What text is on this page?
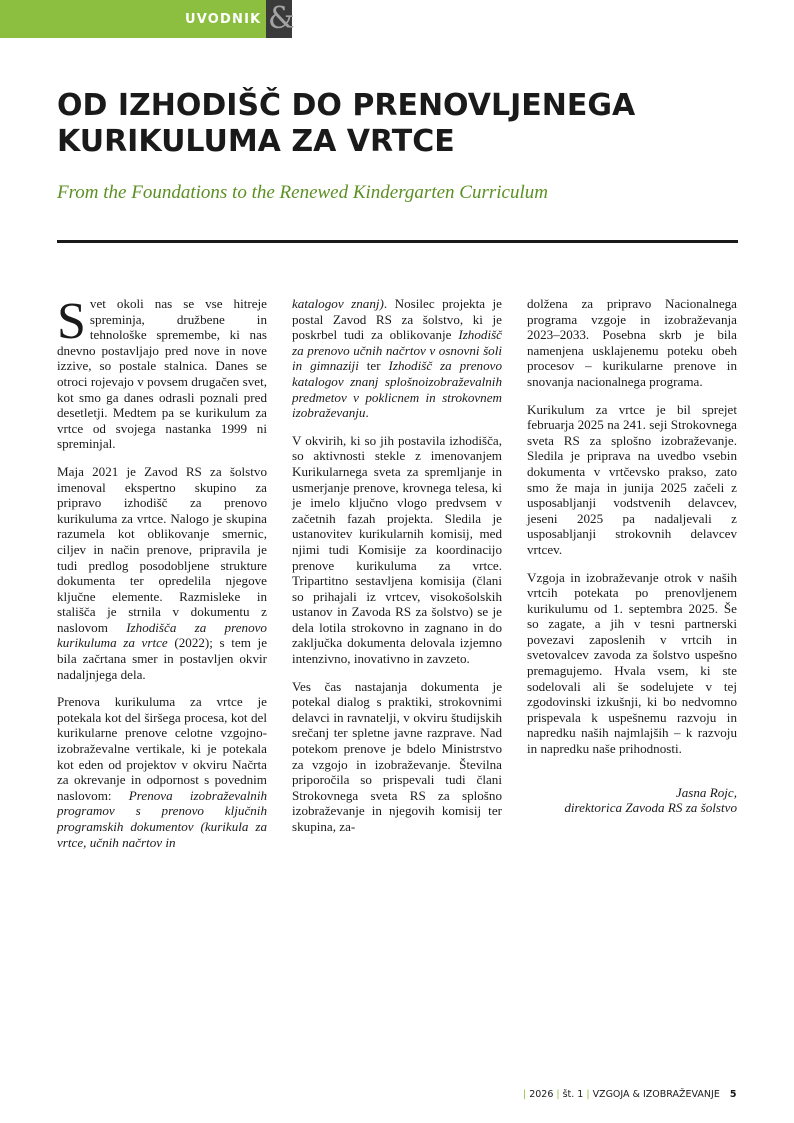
UVODNIK &
OD IZHODIŠČ DO PRENOVLJENEGA KURIKULUMA ZA VRTCE
From the Foundations to the Renewed Kindergarten Curriculum

Svet okoli nas se vse hitreje spreminja, družbene in tehnološke spremembe, ki nas dnevno postavljajo pred nove in nove izzive, so postale stalnica. Danes se otroci rojevajo v povsem drugačen svet, kot smo ga danes odrasli poznali pred desetletji. Medtem pa se kurikulum za vrtce od svojega nastanka 1999 ni spreminjal.

Maja 2021 je Zavod RS za šolstvo imenoval ekspertno skupino za pripravo izhodišč za prenovo kurikuluma za vrtce. Nalogo je skupina razumela kot oblikovanje smernic, ciljev in način prenove, pripravila je tudi predlog posodobljene strukture dokumenta ter opredelila njegove ključne elemente. Razmisleke in stališča je strnila v dokumentu z naslovom Izhodišča za prenovo kurikuluma za vrtce (2022); s tem je bila začrtana smer in postavljen okvir nadaljnjega dela.

Prenova kurikuluma za vrtce je potekala kot del širšega procesa, kot del kurikularne prenove celotne vzgojno-izobraževalne vertikale, ki je potekala kot eden od projektov v okviru Načrta za okrevanje in odpornost s povednim naslovom: Prenova izobraževalnih programov s prenovo ključnih programskih dokumentov (kurikula za vrtce, učnih načrtov in

katalogov znanj). Nosilec projekta je postal Zavod RS za šolstvo, ki je poskrbel tudi za oblikovanje Izhodišč za prenovo učnih načrtov v osnovni šoli in gimnaziji ter Izhodišč za prenovo katalogov znanj splošnoizobraževalnih predmetov v poklicnem in strokovnem izobraževanju.

V okvirih, ki so jih postavila izhodišča, so aktivnosti stekle z imenovanjem Kurikularnega sveta za spremljanje in usmerjanje prenove, krovnega telesa, ki je imelo ključno vlogo predvsem v začetnih fazah projekta. Sledila je ustanovitev kurikularnih komisij, med njimi tudi Komisije za koordinacijo prenove kurikuluma za vrtce. Tripartitno sestavljena komisija (člani so prihajali iz vrtcev, visokošolskih ustanov in Zavoda RS za šolstvo) se je dela lotila strokovno in zagnano in do zaključka dokumenta delovala izjemno intenzivno, inovativno in zavzeto.

Ves čas nastajanja dokumenta je potekal dialog s praktiki, strokovnimi delavci in ravnatelji, v okviru študijskih srečanj ter spletne javne razprave. Nad potekom prenove je bdelo Ministrstvo za vzgojo in izobraževanje. Številna priporočila so prispevali tudi člani Strokovnega sveta RS za splošno izobraževanje in njegovih komisij ter skupina, za-

dolžena za pripravo Nacionalnega programa vzgoje in izobraževanja 2023–2033. Posebna skrb je bila namenjena usklajenemu poteku obeh procesov – kurikularne prenove in snovanja nacionalnega programa.

Kurikulum za vrtce je bil sprejet februarja 2025 na 241. seji Strokovnega sveta RS za splošno izobraževanje. Sledila je priprava na uvedbo vsebin dokumenta v vrtčevsko prakso, zato smo že maja in junija 2025 začeli z usposabljanji vodstvenih delavcev, jeseni 2025 pa nadaljevali z usposabljanji strokovnih delavcev vrtcev.

Vzgoja in izobraževanje otrok v naših vrtcih potekata po prenovljenem kurikulumu od 1. septembra 2025. Še so zagate, a jih v tesni partnerski povezavi zaposlenih v vrtcih in svetovalcev zavoda za šolstvo uspešno premagujemo. Hvala vsem, ki ste sodelovali ali še sodelujete v tej zgodovinski izkušnji, ki bo nedvomno prispevala k uspešnemu razvoju in napredku naših najmlajših – k razvoju in napredku naše prihodnosti.

Jasna Rojc,
direktorica Zavoda RS za šolstvo
| 2026 | št. 1 | VZGOJA & IZOBRAŽEVANJE 5
